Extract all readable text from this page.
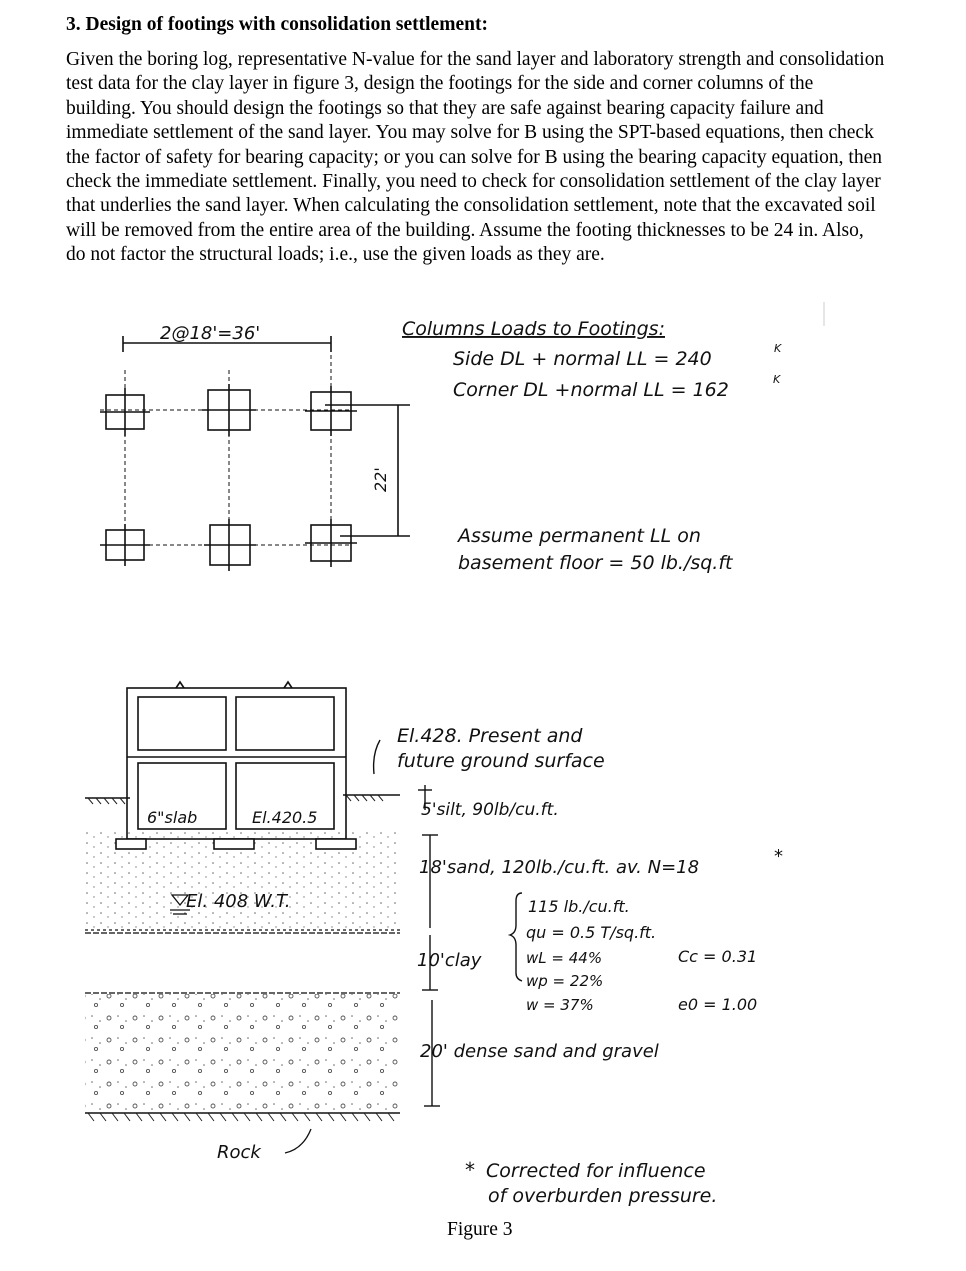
3. Design of footings with consolidation settlement:
Given the boring log, representative N-value for the sand layer and laboratory strength and consolidation test data for the clay layer in figure 3, design the footings for the side and corner columns of the building. You should design the footings so that they are safe against bearing capacity failure and immediate settlement of the sand layer. You may solve for B using the SPT-based equations, then check the factor of safety for bearing capacity; or you can solve for B using the bearing capacity equation, then check the immediate settlement. Finally, you need to check for consolidation settlement of the clay layer that underlies the sand layer. When calculating the consolidation settlement, note that the excavated soil will be removed from the entire area of the building. Assume the footing thicknesses to be 24 in. Also, do not factor the structural loads; i.e., use the given loads as they are.
2@18'=36'
22'
Columns Loads to Footings:
Side DL + normal LL = 240	K
Corner DL +normal LL = 162	K
Assume permanent LL on
basement floor = 50 lb./sq.ft
6"slab	El.420.5
El. 408 W.T.
Rock
El.428. Present and
future ground surface
5'silt, 90lb/cu.ft.
18'sand, 120lb./cu.ft. av. N=18
*
10'clay
115 lb./cu.ft.
qu = 0.5 T/sq.ft.
wL = 44%
wp = 22%
w = 37%
Cc = 0.31
e0 = 1.00
20' dense sand and gravel
* Corrected for influence
of overburden pressure.
Figure 3
